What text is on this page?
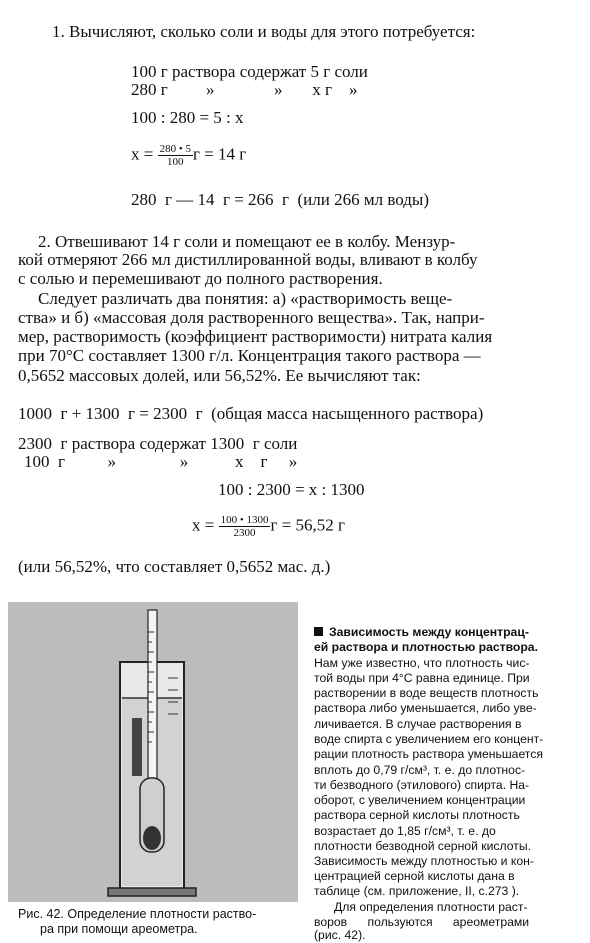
1. Вычисляют, сколько соли и воды для этого потребуется:
100 г раствора содержат 5 г соли
280 г         »              »       x г    »
100 : 280 = 5 : x
$x = \frac{280 • 5}{100}$ г = 14 г
280  г — 14  г = 266  г  (или 266 мл воды)
2. Отвешивают 14 г соли и помещают ее в колбу. Мензур-
кой отмеряют 266 мл дистиллированной воды, вливают в колбу
с солью и перемешивают до полного растворения.
Следует различать два понятия: а) «растворимость веще-
ства» и б) «массовая доля растворенного вещества». Так, напри-
мер, растворимость (коэффициент растворимости) нитрата калия
при 70°С составляет 1300 г/л. Концентрация такого раствора —
0,5652 массовых долей, или 56,52%. Ее вычисляют так:
1000  г + 1300  г = 2300  г  (общая масса насыщенного раствора)
2300  г раствора содержат 1300  г соли
100  г          »               »           x    г     »
100 : 2300 = x : 1300
$x = \frac{100 • 1300}{2300}$ г = 56,52 г
(или 56,52%, что составляет 0,5652 мас. д.)
Рис. 42. Определение плотности раство-
ра при помощи ареометра.
Зависимость между концентрац-
ей раствора и плотностью раствора.
Нам уже известно, что плотность чис-
той воды при 4°С равна единице. При
растворении в воде веществ плотность
раствора либо уменьшается, либо уве-
личивается. В случае растворения в
воде спирта с увеличением его концент-
рации плотность раствора уменьшается
вплоть до 0,79 г/см³, т. е. до плотнос-
ти безводного (этилового) спирта. На-
оборот, с увеличением концентрации
раствора серной кислоты плотность
возрастает до 1,85 г/см³, т. е. до
плотности безводной серной кислоты.
Зависимость между плотностью и кон-
центрацией серной кислоты дана в
таблице (см. приложение, II, с.273 ).
Для определения плотности раст-
воров      пользуются      ареометрами
(рис. 42).
